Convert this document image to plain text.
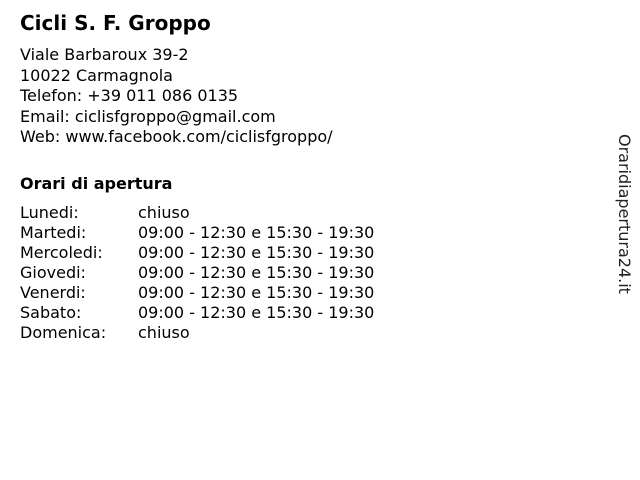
Cicli S. F. Groppo
Viale Barbaroux 39-2
10022 Carmagnola
Telefon: +39 011 086 0135
Email: ciclisfgroppo@gmail.com
Web: www.facebook.com/ciclisfgroppo/
Orari di apertura
Lunedi:	chiuso
Martedi:	09:00 - 12:30 e 15:30 - 19:30
Mercoledi:	09:00 - 12:30 e 15:30 - 19:30
Giovedi:	09:00 - 12:30 e 15:30 - 19:30
Venerdi:	09:00 - 12:30 e 15:30 - 19:30
Sabato:	09:00 - 12:30 e 15:30 - 19:30
Domenica:	chiuso
Oraridiapertura24.it
